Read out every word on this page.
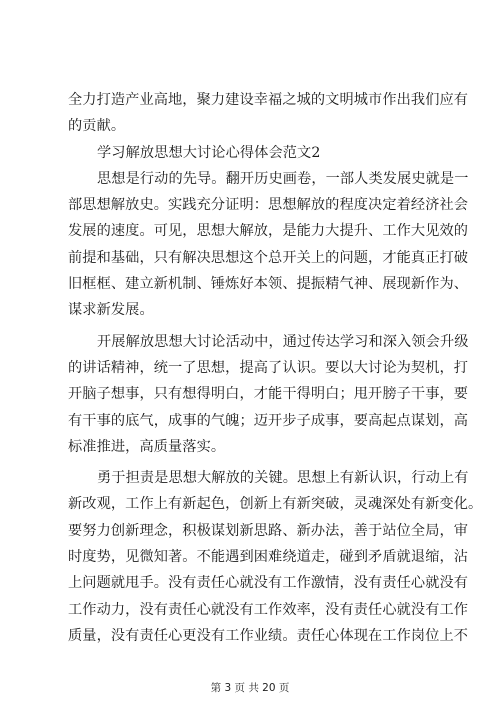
全力打造产业高地，聚力建设幸福之城的文明城市作出我们应有
的贡献。
学习解放思想大讨论心得体会范文2
思想是行动的先导。翻开历史画卷，一部人类发展史就是一
部思想解放史。实践充分证明：思想解放的程度决定着经济社会
发展的速度。可见，思想大解放，是能力大提升、工作大见效的
前提和基础，只有解决思想这个总开关上的问题，才能真正打破
旧框框、建立新机制、锤炼好本领、提振精气神、展现新作为、
谋求新发展。
开展解放思想大讨论活动中，通过传达学习和深入领会升级
的讲话精神，统一了思想，提高了认识。要以大讨论为契机，打
开脑子想事，只有想得明白，才能干得明白；甩开膀子干事，要
有干事的底气，成事的气魄；迈开步子成事，要高起点谋划，高
标准推进，高质量落实。
勇于担责是思想大解放的关键。思想上有新认识，行动上有
新改观，工作上有新起色，创新上有新突破，灵魂深处有新变化。
要努力创新理念，积极谋划新思路、新办法，善于站位全局，审
时度势，见微知著。不能遇到困难绕道走，碰到矛盾就退缩，沾
上问题就甩手。没有责任心就没有工作激情，没有责任心就没有
工作动力，没有责任心就没有工作效率，没有责任心就没有工作
质量，没有责任心更没有工作业绩。责任心体现在工作岗位上不
第 3 页 共 20 页
